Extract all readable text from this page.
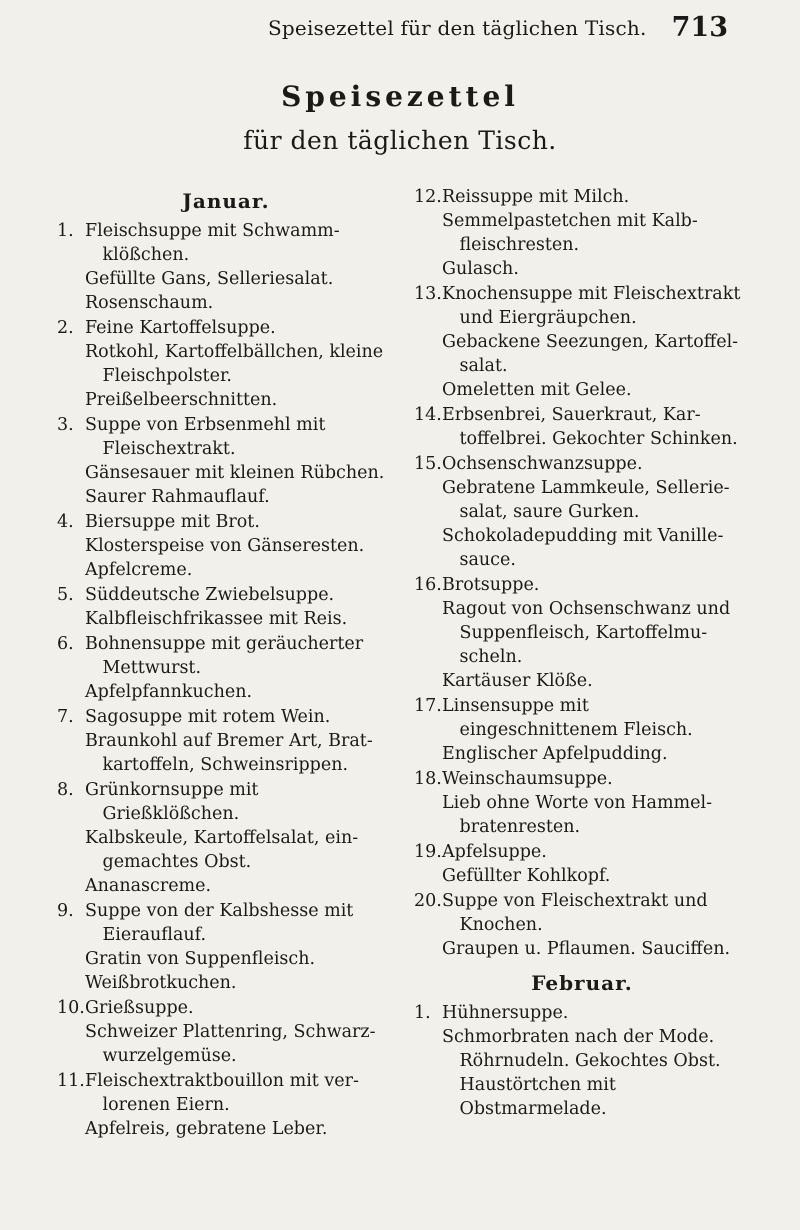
Speisezettel für den täglichen Tisch. 713
Speisezettel
für den täglichen Tisch.
Januar.
1. Fleischsuppe mit Schwamm-klößchen.
Gefüllte Gans, Selleriesalat.
Rosenschaum.
2. Feine Kartoffelsuppe.
Rotkohl, Kartoffelbällchen, kleine Fleischpolster.
Preißelbeerschnitten.
3. Suppe von Erbsenmehl mit Fleischextrakt.
Gänsesauer mit kleinen Rübchen.
Saurer Rahmauflauf.
4. Biersuppe mit Brot.
Klosterspeise von Gänseresten.
Apfelcreme.
5. Süddeutsche Zwiebelsuppe.
Kalbfleischfrikassee mit Reis.
6. Bohnensuppe mit geräucherter Mettwurst.
Apfelpfannkuchen.
7. Sagosuppe mit rotem Wein.
Braunkohl auf Bremer Art, Brat-kartoffeln, Schweinsrippen.
8. Grünkornsuppe mit Grießklößchen.
Kalbskeule, Kartoffelsalat, ein-gemachtes Obst.
Ananascreme.
9. Suppe von der Kalbshesse mit Eierauflauf.
Gratin von Suppenfleisch.
Weißbrotkuchen.
10. Grießsuppe.
Schweizer Plattenring, Schwarz-wurzelgemüse.
11. Fleischextraktbouillon mit ver-lorenen Eiern.
Apfelreis, gebratene Leber.
12. Reissuppe mit Milch.
Semmelpastetchen mit Kalb-fleischresten.
Gulasch.
13. Knochensuppe mit Fleischextrakt und Eiergräupchen.
Gebackene Seezungen, Kartoffel-salat.
Omeletten mit Gelee.
14. Erbsenbrei, Sauerkraut, Kar-toffelbrei. Gekochter Schinken.
15. Ochsenschwanzsuppe.
Gebratene Lammkeule, Sellerie-salat, saure Gurken.
Schokoladepudding mit Vanille-sauce.
16. Brotsuppe.
Ragout von Ochsenschwanz und Suppenfleisch, Kartoffelmu-scheln.
Kartäuser Klöße.
17. Linsensuppe mit eingeschnittenem Fleisch.
Englischer Apfelpudding.
18. Weinschaumsuppe.
Lieb ohne Worte von Hammel-bratenresten.
19. Apfelsuppe.
Gefüllter Kohlkopf.
20. Suppe von Fleischextrakt und Knochen.
Graupen u. Pflaumen. Sauciffen.
Februar.
1. Hühnersuppe.
Schmorbraten nach der Mode. Röhrnudeln. Gekochtes Obst. Haustörtchen mit Obstmarmelade.
